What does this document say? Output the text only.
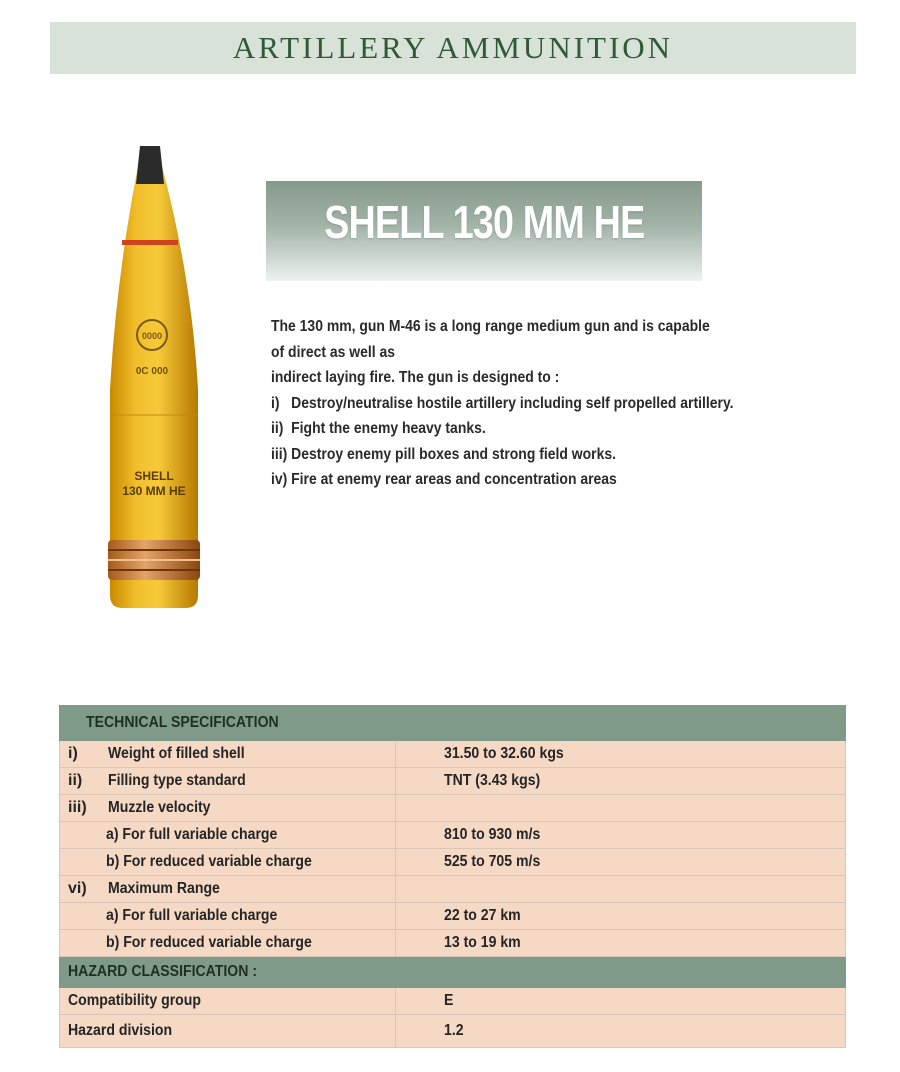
ARTILLERY AMMUNITION
0000
0C 000
SHELL
130 MM HE
SHELL 130 MM HE
The 130 mm, gun M-46 is a long range medium gun and is capable
of direct as well as
indirect laying fire. The gun is designed to :
i)   Destroy/neutralise hostile artillery including self propelled artillery.
ii)  Fight the enemy heavy tanks.
iii) Destroy enemy pill boxes and strong field works.
iv) Fire at enemy rear areas and concentration areas
TECHNICAL SPECIFICATION	
i) Weight of filled shell	31.50 to 32.60 kgs
ii) Filling type standard	TNT (3.43 kgs)
iii) Muzzle velocity	
a) For full variable charge	810 to 930 m/s
b) For reduced variable charge	525 to 705 m/s
vi) Maximum Range	
a) For full variable charge	22 to 27 km
b) For reduced variable charge	13 to 19 km
HAZARD CLASSIFICATION :	
Compatibility group	E
Hazard division	1.2
